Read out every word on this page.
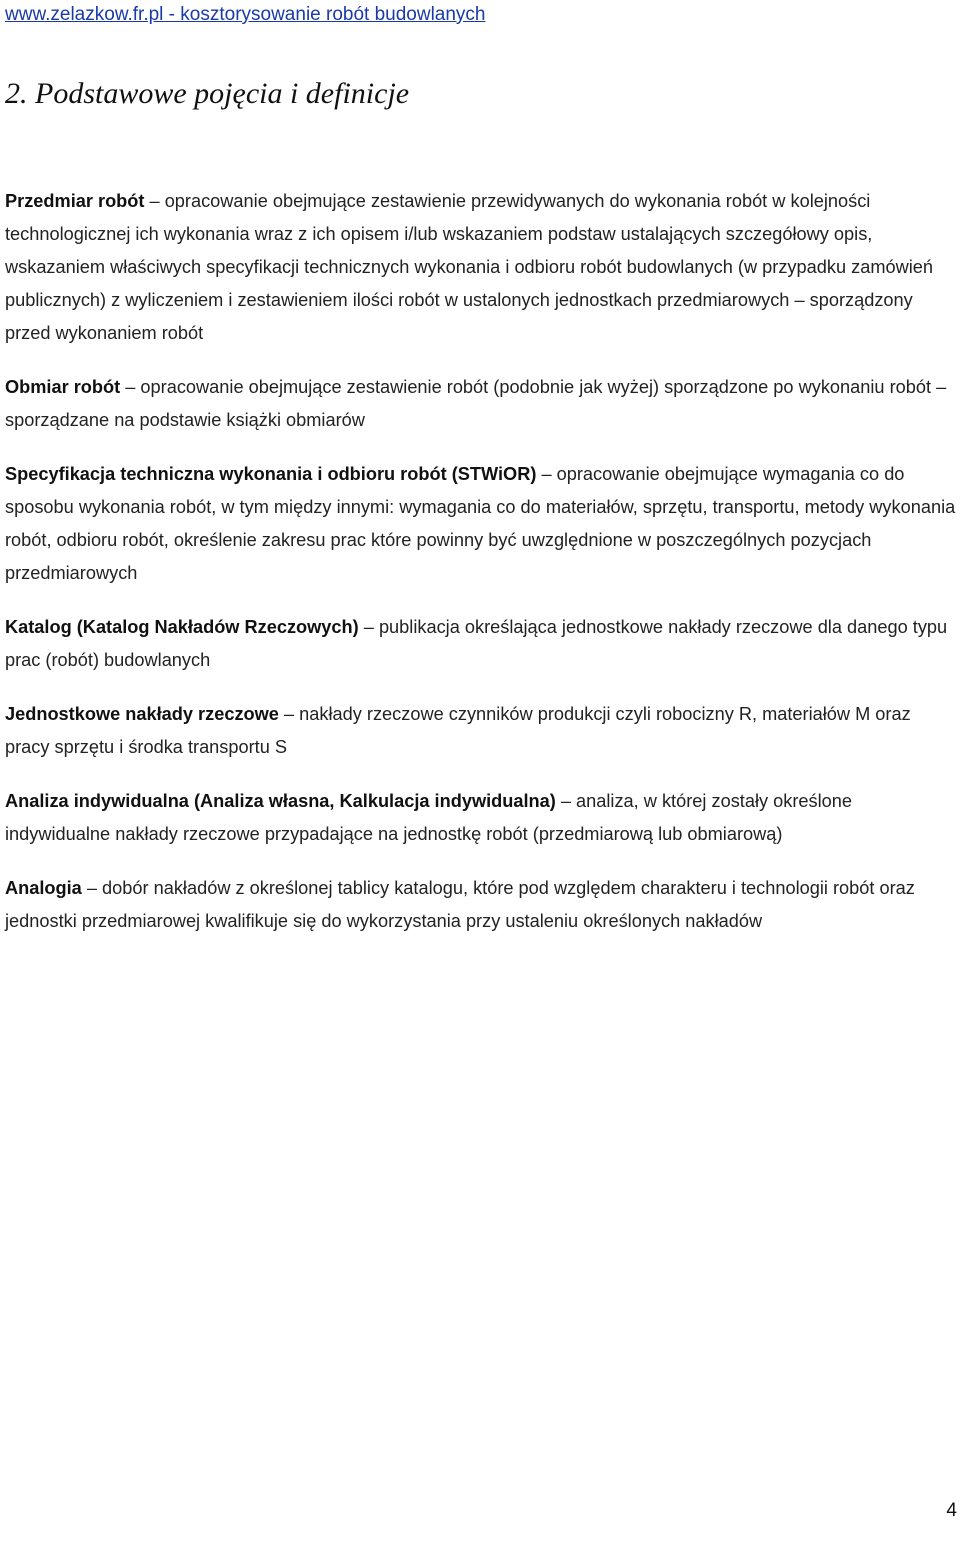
www.zelazkow.fr.pl - kosztorysowanie robót budowlanych
2. Podstawowe pojęcia i definicje

Przedmiar robót – opracowanie obejmujące zestawienie przewidywanych do wykonania robót w kolejności technologicznej ich wykonania wraz z ich opisem i/lub wskazaniem podstaw ustalających szczegółowy opis, wskazaniem właściwych specyfikacji technicznych wykonania i odbioru robót budowlanych (w przypadku zamówień publicznych) z wyliczeniem i zestawieniem ilości robót w ustalonych jednostkach przedmiarowych – sporządzony przed wykonaniem robót

Obmiar robót – opracowanie obejmujące zestawienie robót (podobnie jak wyżej) sporządzone po wykonaniu robót – sporządzane na podstawie książki obmiarów

Specyfikacja techniczna wykonania i odbioru robót (STWiOR) – opracowanie obejmujące wymagania co do sposobu wykonania robót, w tym między innymi: wymagania co do materiałów, sprzętu, transportu, metody wykonania robót, odbioru robót, określenie zakresu prac które powinny być uwzględnione w poszczególnych pozycjach przedmiarowych

Katalog (Katalog Nakładów Rzeczowych) – publikacja określająca jednostkowe nakłady rzeczowe dla danego typu prac (robót) budowlanych

Jednostkowe nakłady rzeczowe – nakłady rzeczowe czynników produkcji czyli robocizny R, materiałów M oraz pracy sprzętu i środka transportu S

Analiza indywidualna (Analiza własna, Kalkulacja indywidualna) – analiza, w której zostały określone indywidualne nakłady rzeczowe przypadające na jednostkę robót (przedmiarową lub obmiarową)

Analogia – dobór nakładów z określonej tablicy katalogu, które pod względem charakteru i technologii robót oraz jednostki przedmiarowej kwalifikuje się do wykorzystania przy ustaleniu określonych nakładów

4
